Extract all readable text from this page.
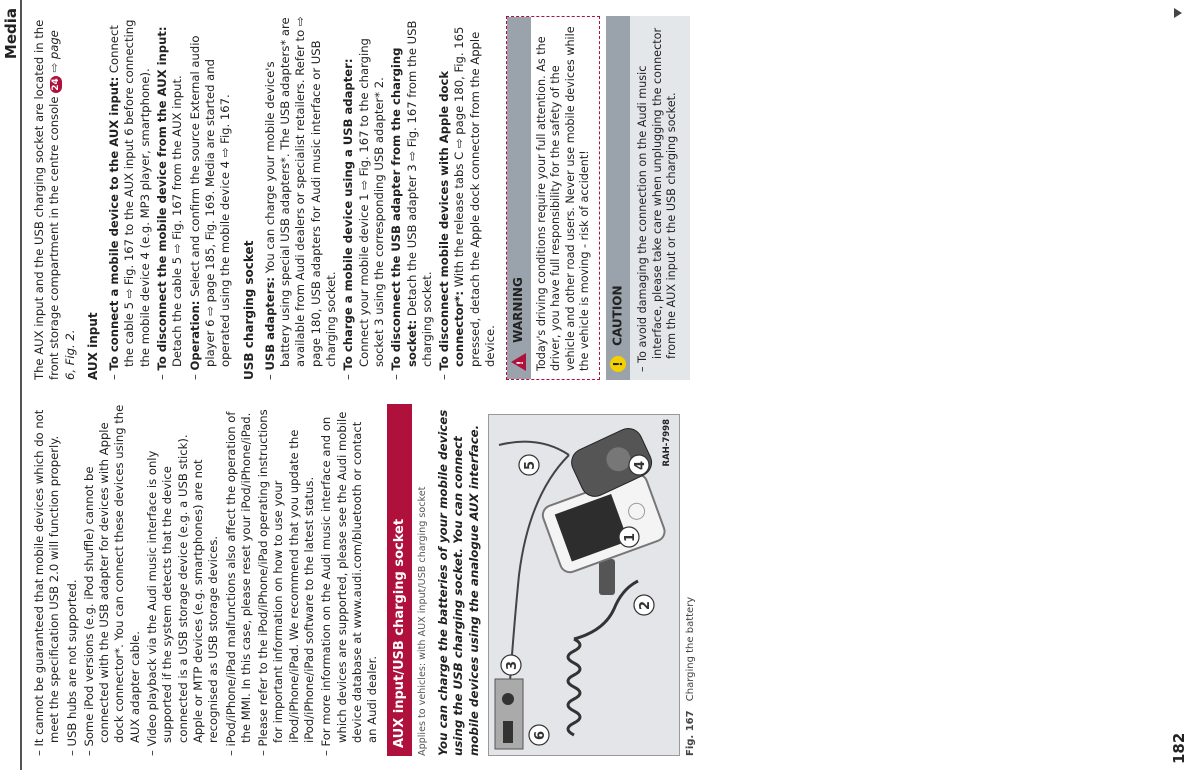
Media
– It cannot be guaranteed that mobile devices which do not meet the specification USB 2.0 will function properly. – USB hubs are not supported. – Some iPod versions (e.g. iPod shuffle) cannot be connected with the USB adapter for devices with Apple dock connector*. You can connect these devices using the AUX adapter cable. – Video playback via the Audi music interface is only supported if the system detects that the device connected is a USB storage device (e.g. a USB stick). Apple or MTP devices (e.g. smartphones) are not recognised as USB storage devices. – iPod/iPhone/iPad malfunctions also affect the operation of the MMI. In this case, please reset your iPod/iPhone/iPad. – Please refer to the iPod/iPhone/iPad operating instructions for important information on how to use your iPod/iPhone/iPad. We recommend that you update the iPod/iPhone/iPad software to the latest status. – For more information on the Audi music interface and on which devices are supported, please see the Audi mobile device database at www.audi.com/bluetooth or contact an Audi dealer. AUX input/USB charging socket	Applies to vehicles: with AUX input/USB charging socket You can charge the batteries of your mobile devices using the USB charging socket. You can connect mobile devices using the analogue AUX interface.	1
2
3
4
5
6
RAH-7998
Fig. 167 Charging the battery

The AUX input and the USB charging socket are located in the front storage compartment in the centre console 24 ⇨ page 6, Fig. 2. AUX input – To connect a mobile device to the AUX input: Connect the cable 5 ⇨ Fig. 167 to the AUX input 6 before connecting the mobile device 4 (e.g. MP3 player, smartphone). – To disconnect the mobile device from the AUX input: Detach the cable 5 ⇨ Fig. 167 from the AUX input. – Operation: Select and confirm the source External audio player 6 ⇨ page 185, Fig. 169. Media are started and operated using the mobile device 4 ⇨ Fig. 167. USB charging socket – USB adapters: You can charge your mobile device's battery using special USB adapters*. The USB adapters* are available from Audi dealers or specialist retailers. Refer to ⇨ page 180, USB adapters for Audi music interface or USB charging socket. – To charge a mobile device using a USB adapter: Connect your mobile device 1 ⇨ Fig. 167 to the charging socket 3 using the corresponding USB adapter* 2. – To disconnect the USB adapter from the charging socket: Detach the USB adapter 3 ⇨ Fig. 167 from the USB charging socket. – To disconnect mobile devices with Apple dock connector*: With the release tabs C ⇨ page 180, Fig. 165 pressed, detach the Apple dock connector from the Apple device. !
WARNING Today's driving conditions require your full attention. As the driver, you have full responsibility for the safety of the vehicle and other road users. Never use mobile devices while the vehicle is moving - risk of accident!	! CAUTION	– To avoid damaging the connection on the Audi music interface, please take care when unplugging the connector from the AUX input or the USB charging socket.
182
